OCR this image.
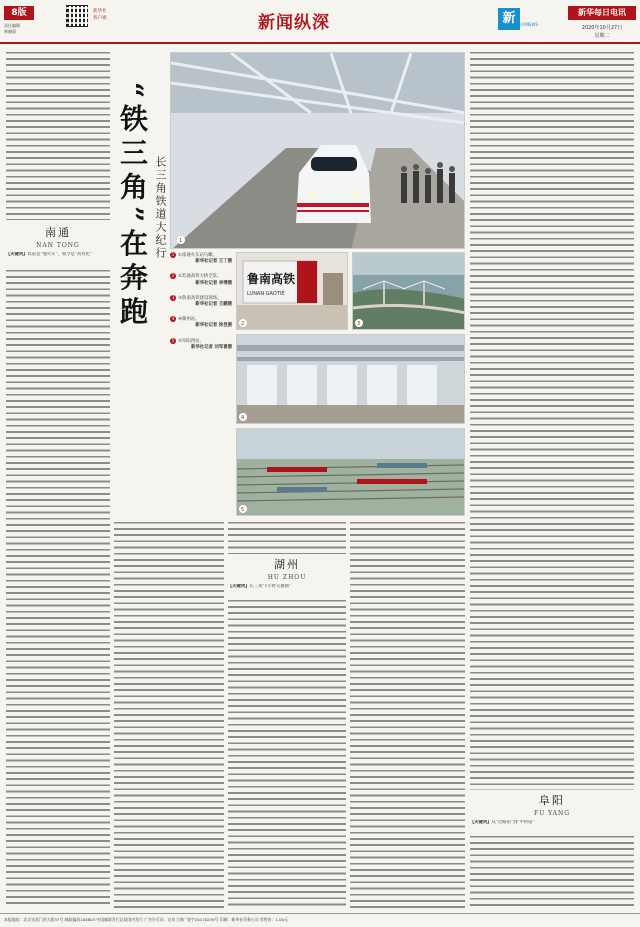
8版
责任编辑
林晓蔚
新华社
客户端	新闻纵深	新 新华NEWS
新华每日电讯
2020年10月27日
星期二
“铁三角”在奔跑 长三角铁道大纪行
南通
NAN TONG
【关键词】以前是“慢火车”，如今是“高铁化”
1
1 ①南通火车站鸟瞰。
新华社记者 王丁摄
2 ②苏通高铁大桥全景。
新华社记者 李博摄
3 ③鲁南高铁建设现场。
新华社记者 王鹏摄
4 ④湖州站。
新华社记者 徐昱摄
5 ⑤阜阳西站。
新华社记者 刘军喜摄
鲁南高铁
LUNAN GAOTIE
2	3
4
5
湖州
HU ZHOU
【关键词】长三角“1小时交通圈”
阜阳
FU YANG
【关键词】从“过路站”到“中转站”
本报地址：北京宣武门西大街57号 邮政编码100803 中国邮政发行总局国内发行 广告许可证：京东工商广登字20170239号 印刷：新华社印务公司 零售价：1.00元
